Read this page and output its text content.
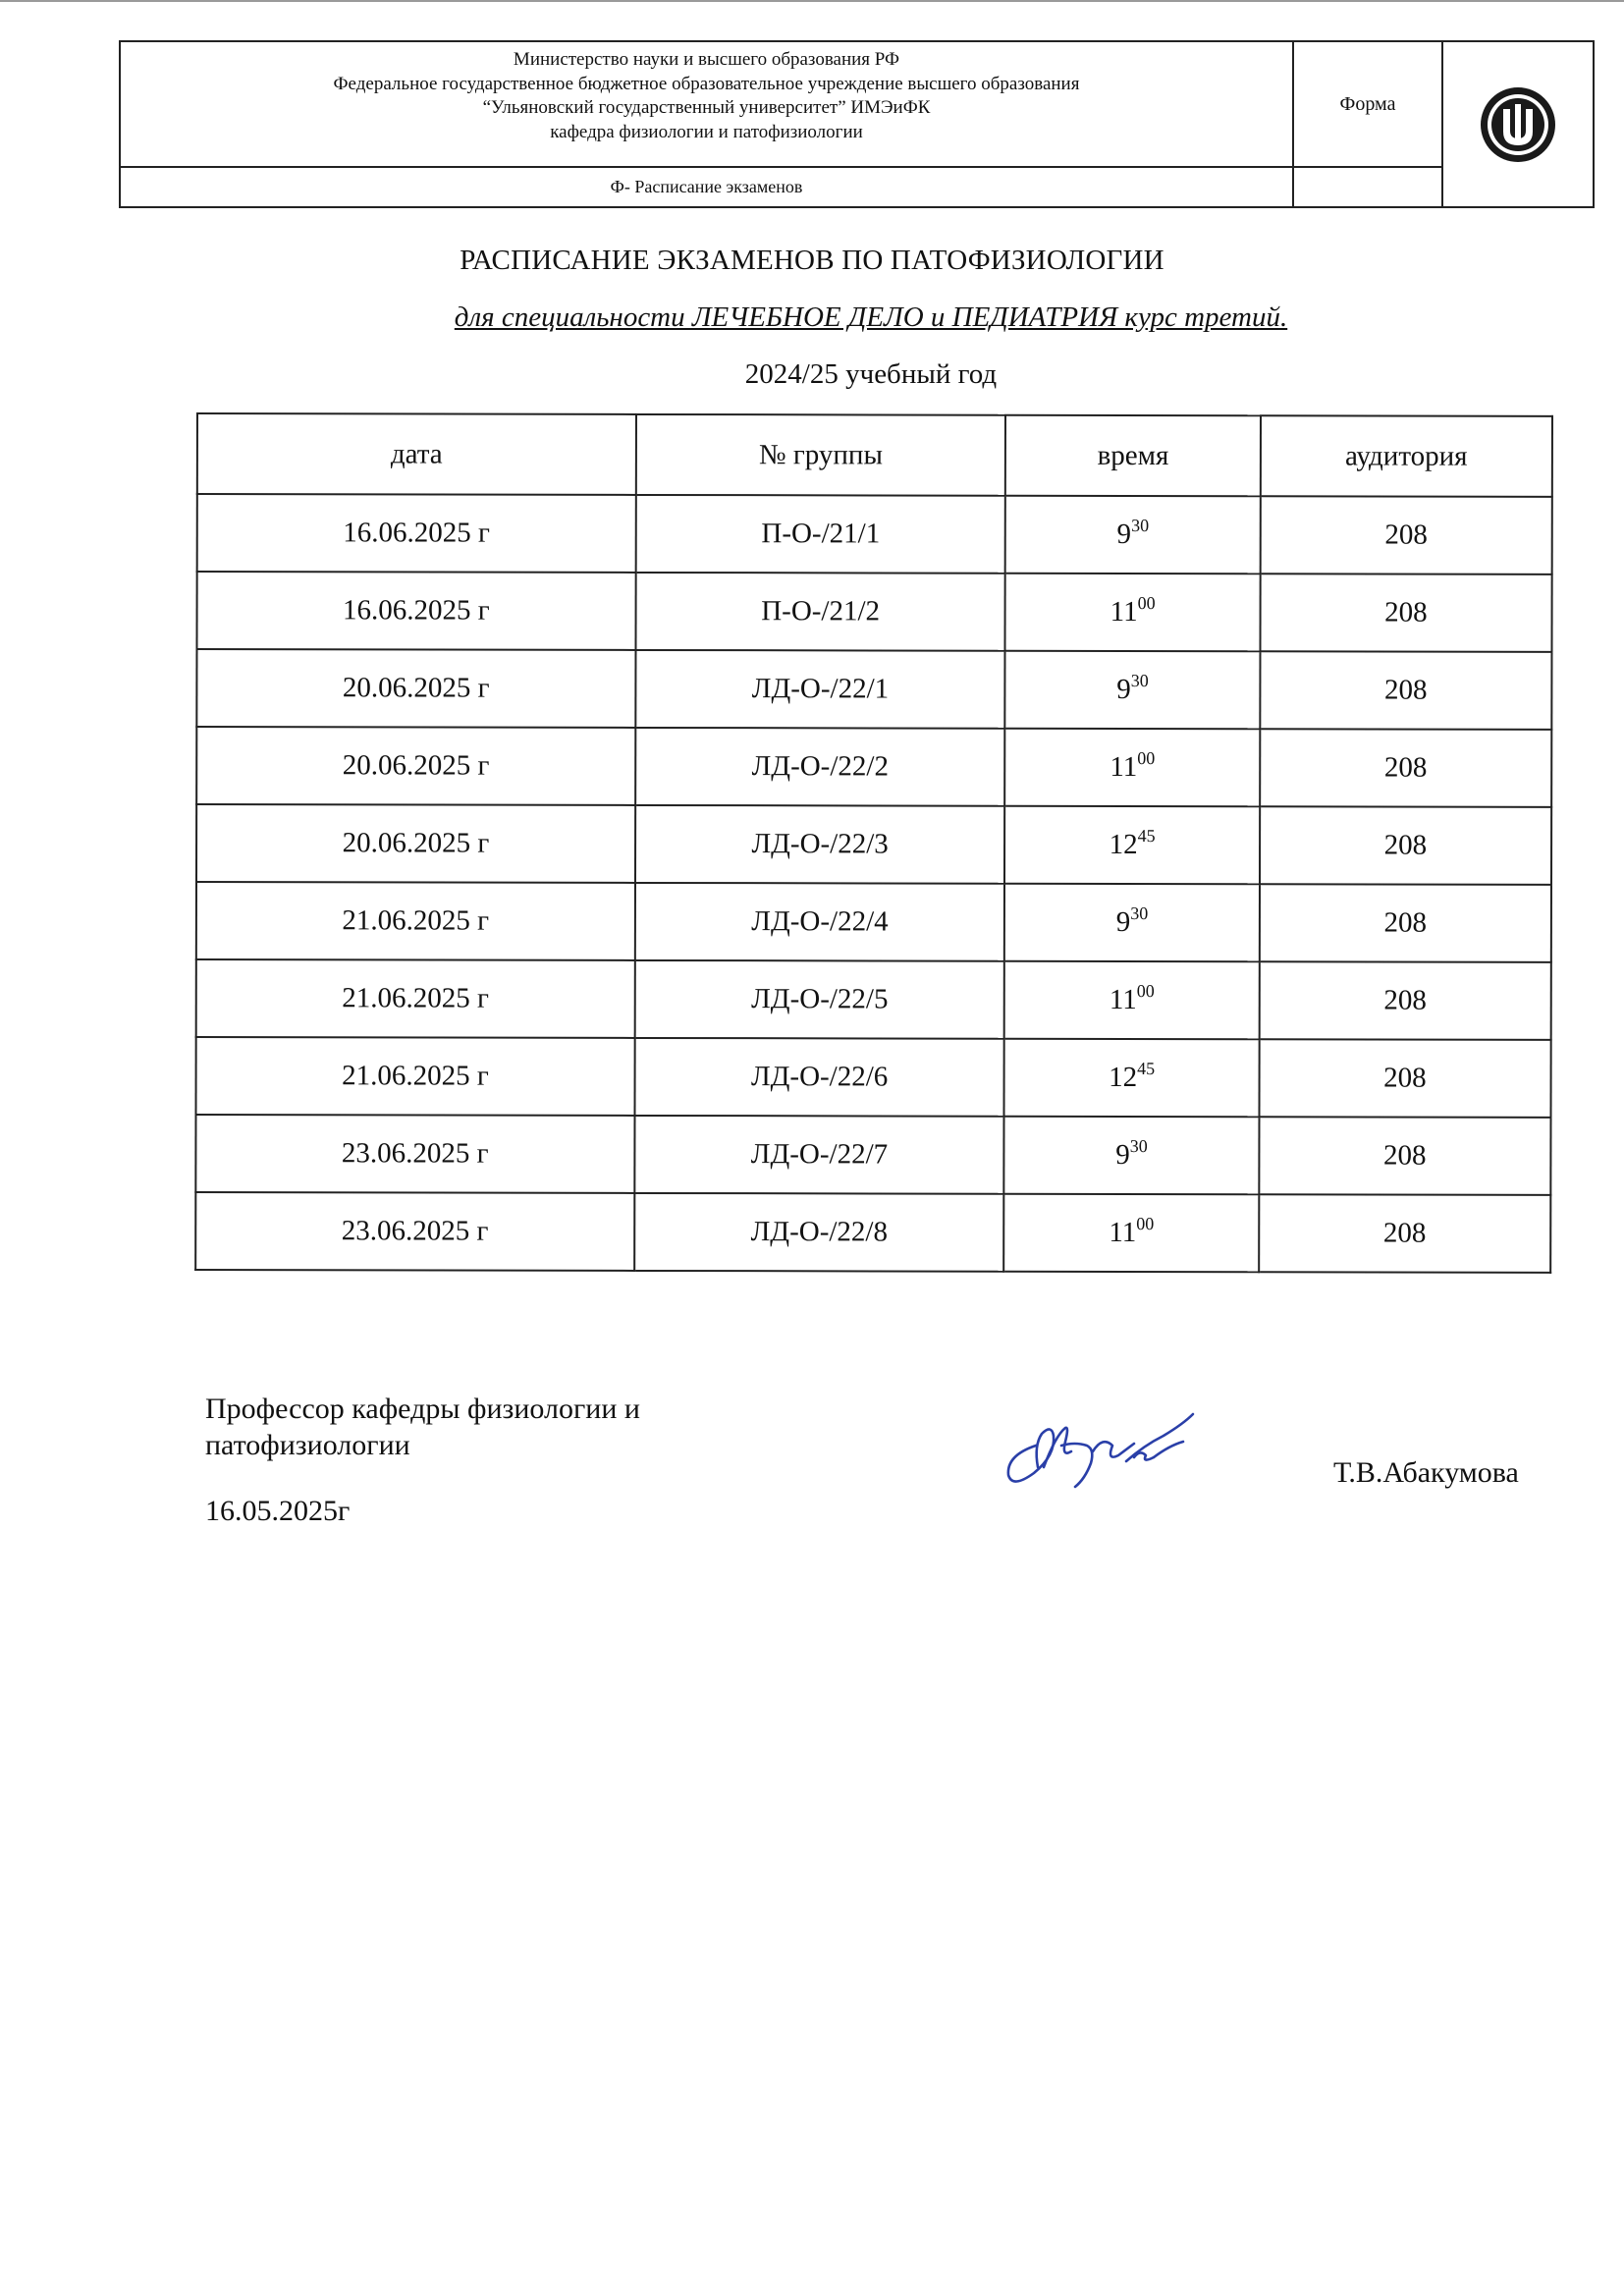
Министерство науки и высшего образования РФ
Федеральное государственное бюджетное образовательное учреждение высшего образования
“Ульяновский государственный университет” ИМЭиФК
кафедра физиологии и патофизиологии
Форма
Ф- Расписание экзаменов
РАСПИСАНИЕ ЭКЗАМЕНОВ ПО ПАТОФИЗИОЛОГИИ
для специальности ЛЕЧЕБНОЕ ДЕЛО и ПЕДИАТРИЯ курс третий.
2024/25 учебный год
дата	№ группы	время	аудитория
16.06.2025 г	П-О-/21/1	$9^{30}$	208
16.06.2025 г	П-О-/21/2	$11^{00}$	208
20.06.2025 г	ЛД-О-/22/1	$9^{30}$	208
20.06.2025 г	ЛД-О-/22/2	$11^{00}$	208
20.06.2025 г	ЛД-О-/22/3	$12^{45}$	208
21.06.2025 г	ЛД-О-/22/4	$9^{30}$	208
21.06.2025 г	ЛД-О-/22/5	$11^{00}$	208
21.06.2025 г	ЛД-О-/22/6	$12^{45}$	208
23.06.2025 г	ЛД-О-/22/7	$9^{30}$	208
23.06.2025 г	ЛД-О-/22/8	$11^{00}$	208
Профессор кафедры физиологии и
патофизиологии
16.05.2025г
Т.В.Абакумова
